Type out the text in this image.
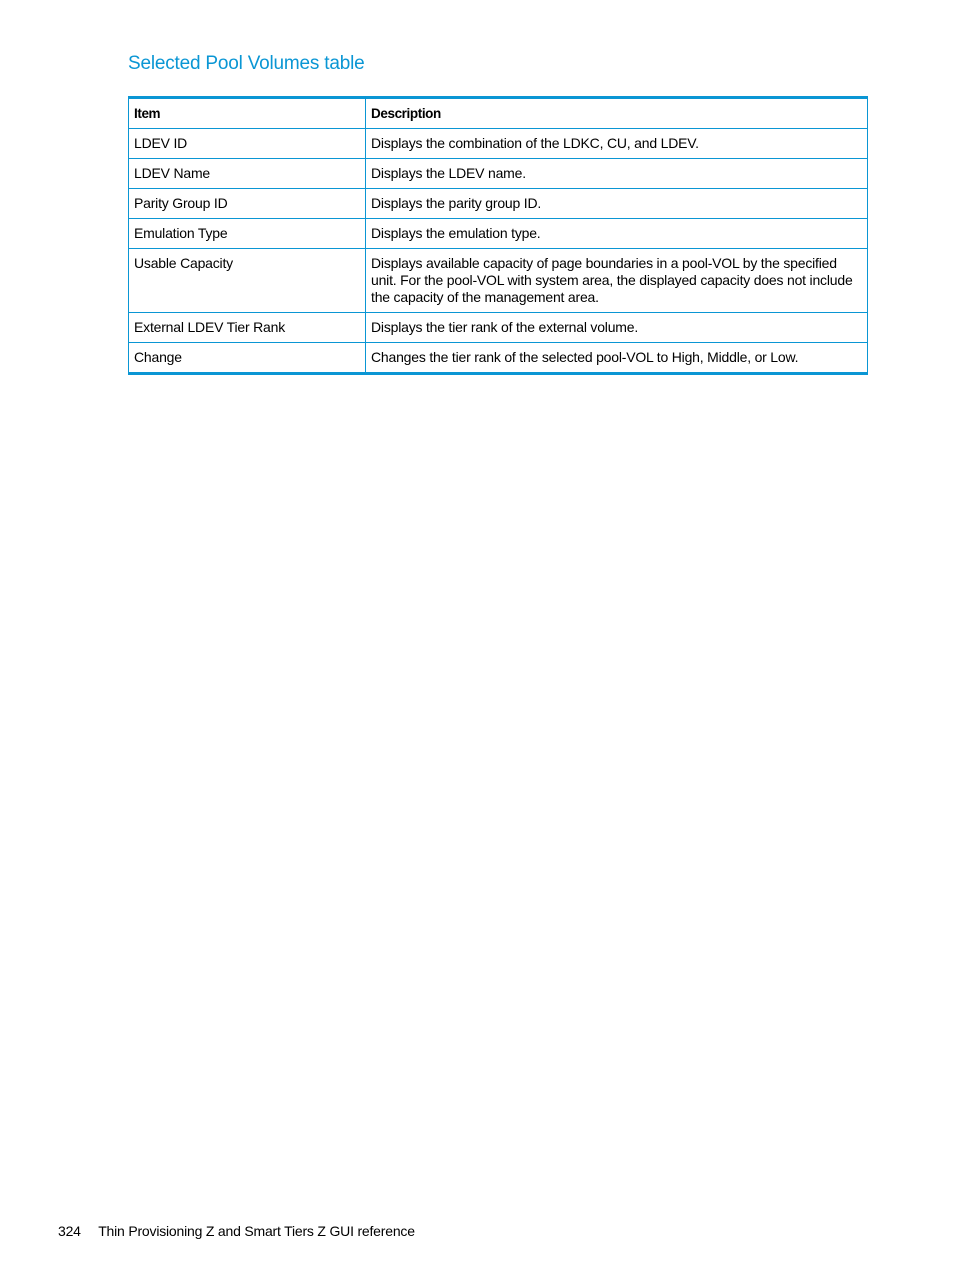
Selected Pool Volumes table
Item	Description
LDEV ID	Displays the combination of the LDKC, CU, and LDEV.
LDEV Name	Displays the LDEV name.
Parity Group ID	Displays the parity group ID.
Emulation Type	Displays the emulation type.
Usable Capacity	Displays available capacity of page boundaries in a pool-VOL by the specified unit. For the pool-VOL with system area, the displayed capacity does not include the capacity of the management area.
External LDEV Tier Rank	Displays the tier rank of the external volume.
Change	Changes the tier rank of the selected pool-VOL to High, Middle, or Low.
324 Thin Provisioning Z and Smart Tiers Z GUI reference
